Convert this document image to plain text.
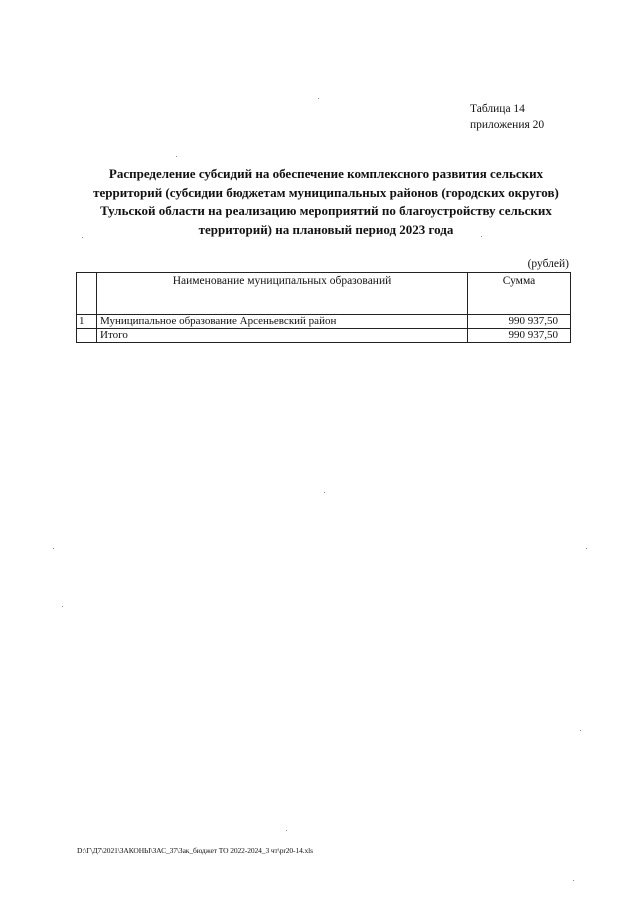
Таблица 14
приложения 20
Распределение субсидий на обеспечение комплексного развития сельских
территорий (субсидии бюджетам муниципальных районов (городских округов)
Тульской области на реализацию мероприятий по благоустройству сельских
территорий) на плановый период 2023 года
(рублей)
	Наименование муниципальных образований	Сумма
1	Муниципальное образование Арсеньевский район	990 937,50
	Итого	990 937,50
D:\Г\Д7\2021\ЗАКОНЫ\ЗАС_37\Зак_бюджет ТО 2022-2024_3 чт\pr20-14.xls
